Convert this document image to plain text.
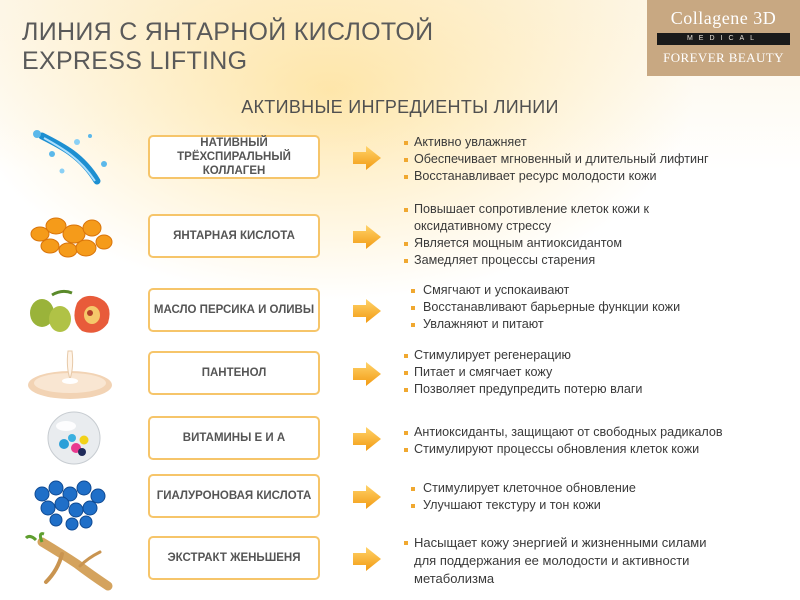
ЛИНИЯ С ЯНТАРНОЙ КИСЛОТОЙ
EXPRESS LIFTING
Collagene 3D
MEDICAL
FOREVER BEAUTY
АКТИВНЫЕ ИНГРЕДИЕНТЫ ЛИНИИ
НАТИВНЫЙ ТРЁХСПИРАЛЬНЫЙ КОЛЛАГЕН
Активно увлажняет
Обеспечивает мгновенный и длительный лифтинг
Восстанавливает ресурс молодости кожи
ЯНТАРНАЯ КИСЛОТА
Повышает сопротивление клеток кожи к
оксидативному стрессу
Является мощным антиоксидантом
Замедляет процессы старения
МАСЛО ПЕРСИКА И ОЛИВЫ
Смягчают и успокаивают
Восстанавливают барьерные функции кожи
Увлажняют и питают
ПАНТЕНОЛ
Стимулирует регенерацию
Питает и смягчает кожу
Позволяет предупредить потерю влаги
ВИТАМИНЫ Е И А	Антиоксиданты, защищают от свободных радикалов
Стимулируют процессы обновления клеток кожи
ГИАЛУРОНОВАЯ КИСЛОТА
Стимулирует клеточное обновление
Улучшают текстуру и тон кожи
ЭКСТРАКТ ЖЕНЬШЕНЯ
Насыщает кожу энергией и жизненными силами
для поддержания ее молодости и активности
метаболизма
